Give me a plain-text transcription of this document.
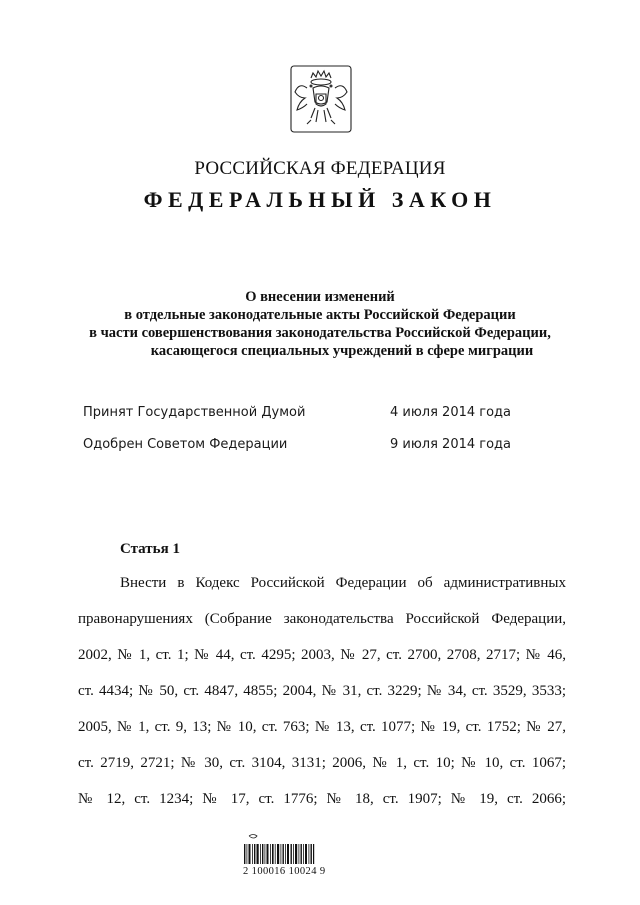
РОССИЙСКАЯ ФЕДЕРАЦИЯ
ФЕДЕРАЛЬНЫЙ ЗАКОН
О внесении изменений
в отдельные законодательные акты Российской Федерации
в части совершенствования законодательства Российской Федерации,
касающегося специальных учреждений в сфере миграции
Принят Государственной Думой	4 июля 2014 года
Одобрен Советом Федерации	9 июля 2014 года
Статья 1
Внести в Кодекс Российской Федерации об административных
правонарушениях (Собрание законодательства Российской Федерации,
2002, № 1, ст. 1; № 44, ст. 4295; 2003, № 27, ст. 2700, 2708, 2717; № 46,
ст. 4434; № 50, ст. 4847, 4855; 2004, № 31, ст. 3229; № 34, ст. 3529, 3533;
2005, № 1, ст. 9, 13; № 10, ст. 763; № 13, ст. 1077; № 19, ст. 1752; № 27,
ст. 2719, 2721; № 30, ст. 3104, 3131; 2006, № 1, ст. 10; № 10, ст. 1067;
№ 12, ст. 1234; № 17, ст. 1776; № 18, ст. 1907; № 19, ст. 2066;
2 100016 10024 9
